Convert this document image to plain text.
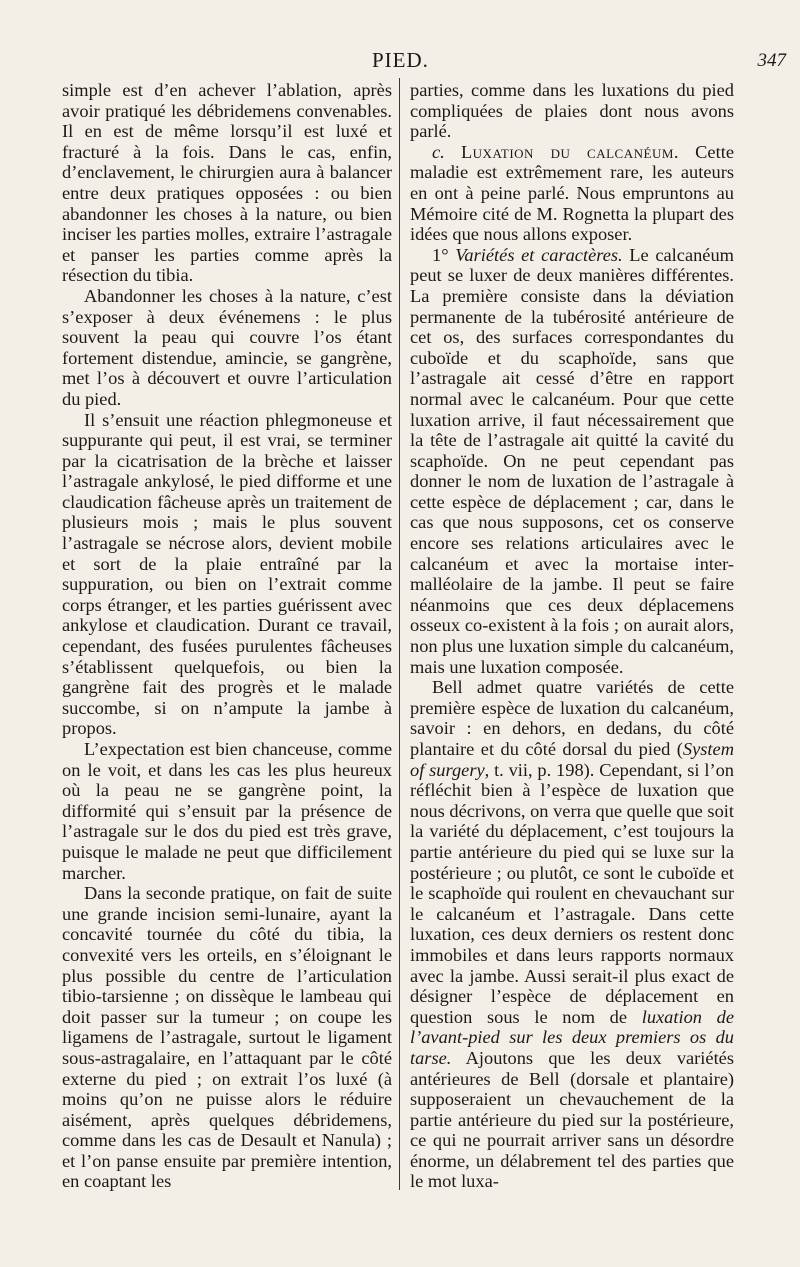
PIED.	347

simple est d’en achever l’ablation, après avoir pratiqué les débridemens convenables. Il en est de même lorsqu’il est luxé et fracturé à la fois. Dans le cas, enfin, d’enclavement, le chirurgien aura à balancer entre deux pratiques opposées : ou bien abandonner les choses à la nature, ou bien inciser les parties molles, extraire l’astragale et panser les parties comme après la résection du tibia.

Abandonner les choses à la nature, c’est s’exposer à deux événemens : le plus souvent la peau qui couvre l’os étant fortement distendue, amincie, se gangrène, met l’os à découvert et ouvre l’articulation du pied.

Il s’ensuit une réaction phlegmoneuse et suppurante qui peut, il est vrai, se terminer par la cicatrisation de la brèche et laisser l’astragale ankylosé, le pied difforme et une claudication fâcheuse après un traitement de plusieurs mois ; mais le plus souvent l’astragale se nécrose alors, devient mobile et sort de la plaie entraîné par la suppuration, ou bien on l’extrait comme corps étranger, et les parties guérissent avec ankylose et claudication. Durant ce travail, cependant, des fusées purulentes fâcheuses s’établissent quelquefois, ou bien la gangrène fait des progrès et le malade succombe, si on n’ampute la jambe à propos.

L’expectation est bien chanceuse, comme on le voit, et dans les cas les plus heureux où la peau ne se gangrène point, la difformité qui s’ensuit par la présence de l’astragale sur le dos du pied est très grave, puisque le malade ne peut que difficilement marcher.

Dans la seconde pratique, on fait de suite une grande incision semi-lunaire, ayant la concavité tournée du côté du tibia, la convexité vers les orteils, en s’éloignant le plus possible du centre de l’articulation tibio-tarsienne ; on dissèque le lambeau qui doit passer sur la tumeur ; on coupe les ligamens de l’astragale, surtout le ligament sous-astragalaire, en l’attaquant par le côté externe du pied ; on extrait l’os luxé (à moins qu’on ne puisse alors le réduire aisément, après quelques débridemens, comme dans les cas de Desault et Nanula) ; et l’on panse ensuite par première intention, en coaptant les

parties, comme dans les luxations du pied compliquées de plaies dont nous avons parlé.

c. Luxation du calcanéum. Cette maladie est extrêmement rare, les auteurs en ont à peine parlé. Nous empruntons au Mémoire cité de M. Rognetta la plupart des idées que nous allons exposer.

1° Variétés et caractères. Le calcanéum peut se luxer de deux manières différentes. La première consiste dans la déviation permanente de la tubérosité antérieure de cet os, des surfaces correspondantes du cuboïde et du scaphoïde, sans que l’astragale ait cessé d’être en rapport normal avec le calcanéum. Pour que cette luxation arrive, il faut nécessairement que la tête de l’astragale ait quitté la cavité du scaphoïde. On ne peut cependant pas donner le nom de luxation de l’astragale à cette espèce de déplacement ; car, dans le cas que nous supposons, cet os conserve encore ses relations articulaires avec le calcanéum et avec la mortaise inter-malléolaire de la jambe. Il peut se faire néanmoins que ces deux déplacemens osseux co-existent à la fois ; on aurait alors, non plus une luxation simple du calcanéum, mais une luxation composée.

Bell admet quatre variétés de cette première espèce de luxation du calcanéum, savoir : en dehors, en dedans, du côté plantaire et du côté dorsal du pied (System of surgery, t. vii, p. 198). Cependant, si l’on réfléchit bien à l’espèce de luxation que nous décrivons, on verra que quelle que soit la variété du déplacement, c’est toujours la partie antérieure du pied qui se luxe sur la postérieure ; ou plutôt, ce sont le cuboïde et le scaphoïde qui roulent en chevauchant sur le calcanéum et l’astragale. Dans cette luxation, ces deux derniers os restent donc immobiles et dans leurs rapports normaux avec la jambe. Aussi serait-il plus exact de désigner l’espèce de déplacement en question sous le nom de luxation de l’avant-pied sur les deux premiers os du tarse. Ajoutons que les deux variétés antérieures de Bell (dorsale et plantaire) supposeraient un chevauchement de la partie antérieure du pied sur la postérieure, ce qui ne pourrait arriver sans un désordre énorme, un délabrement tel des parties que le mot luxa-
